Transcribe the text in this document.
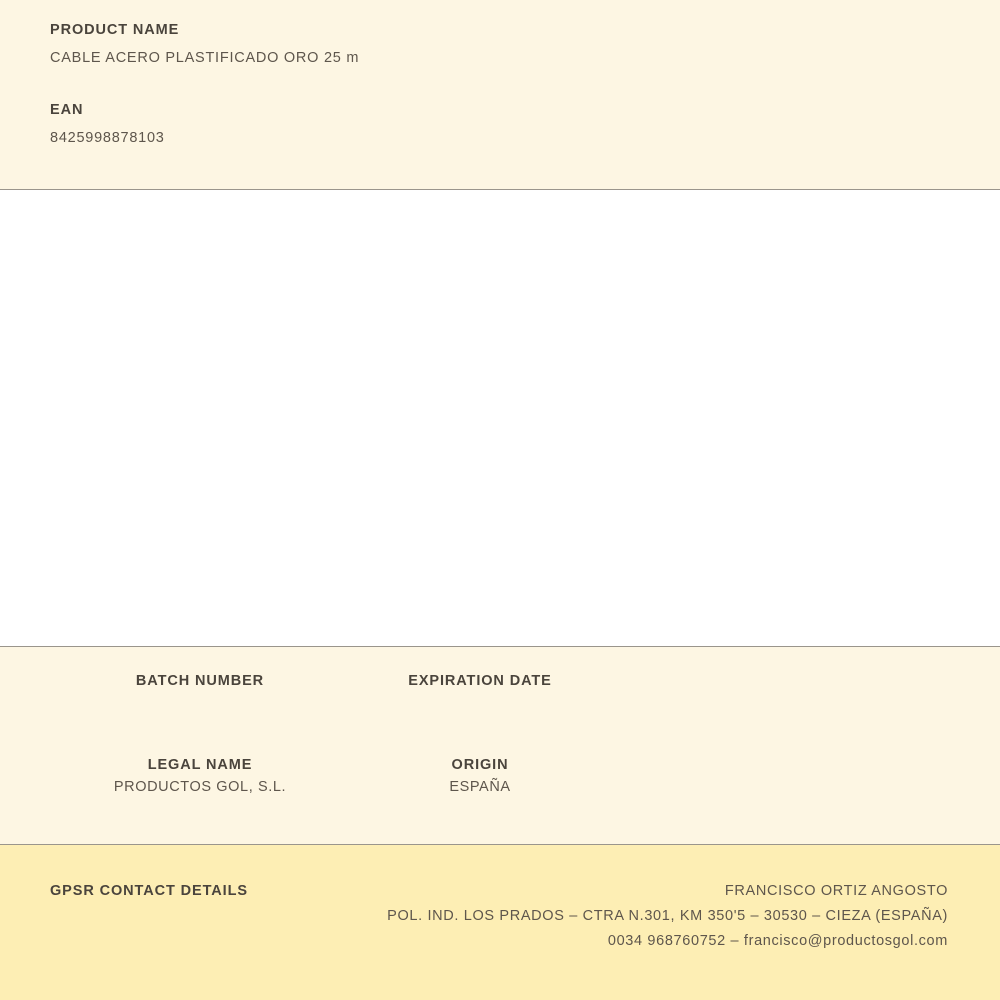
PRODUCT NAME

CABLE ACERO PLASTIFICADO ORO 25 m

EAN

8425998878103

BATCH NUMBER	EXPIRATION DATE

LEGAL NAME

PRODUCTOS GOL, S.L.

ORIGIN

ESPAÑA

GPSR CONTACT DETAILS	FRANCISCO ORTIZ ANGOSTO

POL. IND. LOS PRADOS – CTRA N.301, KM 350'5 – 30530 – CIEZA (ESPAÑA)

0034 968760752 – francisco@productosgol.com
